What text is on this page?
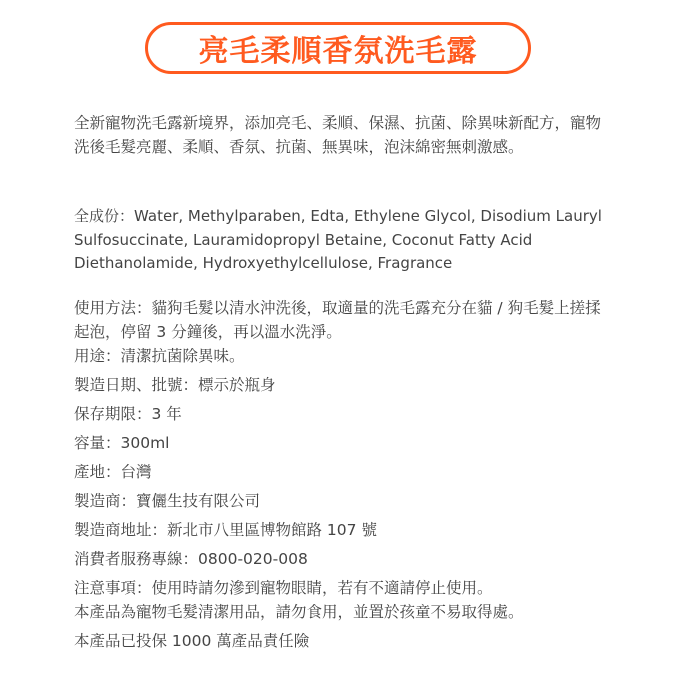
亮毛柔順香氛洗毛露
全新寵物洗毛露新境界，添加亮毛、柔順、保濕、抗菌、除異味新配方，寵物洗後毛髮亮麗、柔順、香氛、抗菌、無異味，泡沫綿密無刺激感。
全成份：Water, Methylparaben, Edta, Ethylene Glycol, Disodium Lauryl Sulfosuccinate, Lauramidopropyl Betaine, Coconut Fatty Acid Diethanolamide, Hydroxyethylcellulose, Fragrance
使用方法：貓狗毛髮以清水沖洗後，取適量的洗毛露充分在貓 / 狗毛髮上搓揉起泡，停留 3 分鐘後，再以溫水洗淨。
用途：清潔抗菌除異味。
製造日期、批號：標示於瓶身
保存期限：3 年
容量：300ml
產地：台灣
製造商：寶儷生技有限公司
製造商地址：新北市八里區博物館路 107 號
消費者服務專線：0800-020-008
注意事項：使用時請勿滲到寵物眼睛，若有不適請停止使用。
本產品為寵物毛髮清潔用品，請勿食用，並置於孩童不易取得處。
本產品已投保 1000 萬產品責任險
